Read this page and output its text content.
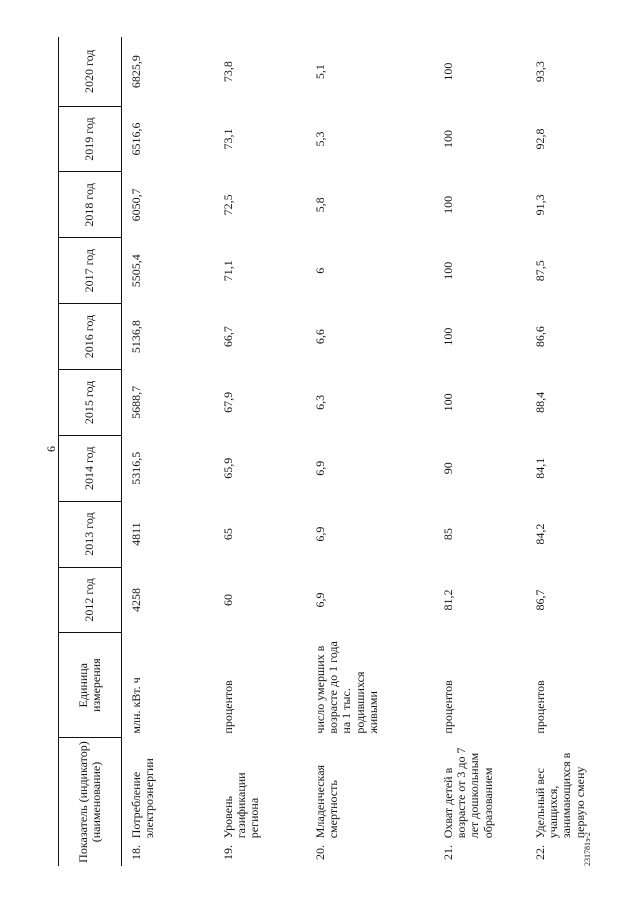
6
231781з-2
Показатель (индикатор) (наименование)		Единица измерения	2012 год	2013 год	2014 год	2015 год	2016 год	2017 год	2018 год	2019 год	2020 год
18.	Потребление электроэнергии	млн. кВт. ч	4258	4811	5316,5	5688,7	5136,8	5505,4	6050,7	6516,6	6825,9
19.	Уровень газификации региона	процентов	60	65	65,9	67,9	66,7	71,1	72,5	73,1	73,8
20.	Младенческая смертность	число умерших в возрасте до 1 года на 1 тыс. родившихся живыми	6,9	6,9	6,9	6,3	6,6	6	5,8	5,3	5,1
21.	Охват детей в возрасте от 3 до 7 лет дошкольным образованием	процентов	81,2	85	90	100	100	100	100	100	100
22.	Удельный вес учащихся, занимающихся в первую смену	процентов	86,7	84,2	84,1	88,4	86,6	87,5	91,3	92,8	93,3
